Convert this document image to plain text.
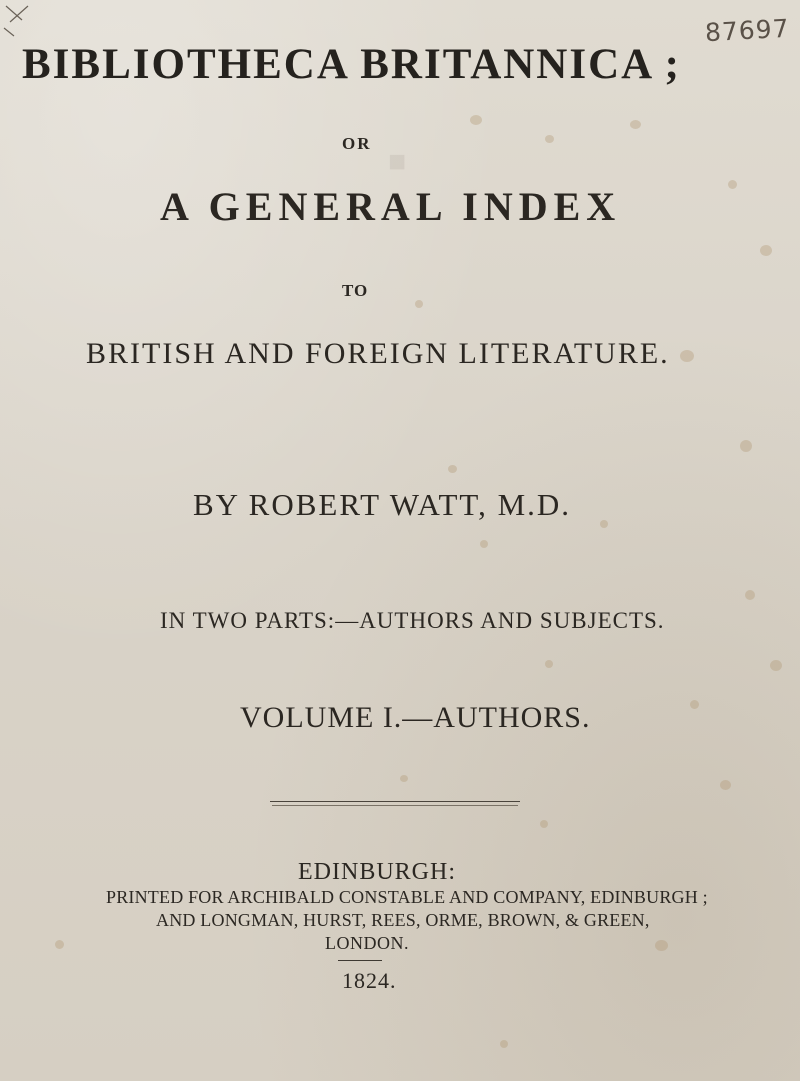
■
87697
BIBLIOTHECA BRITANNICA ;
OR
A GENERAL INDEX
TO
BRITISH AND FOREIGN LITERATURE.
BY ROBERT WATT, M.D.
IN TWO PARTS:—AUTHORS AND SUBJECTS.
VOLUME I.—AUTHORS.
EDINBURGH:
PRINTED FOR ARCHIBALD CONSTABLE AND COMPANY, EDINBURGH ;
AND LONGMAN, HURST, REES, ORME, BROWN, & GREEN,
LONDON.
1824.
